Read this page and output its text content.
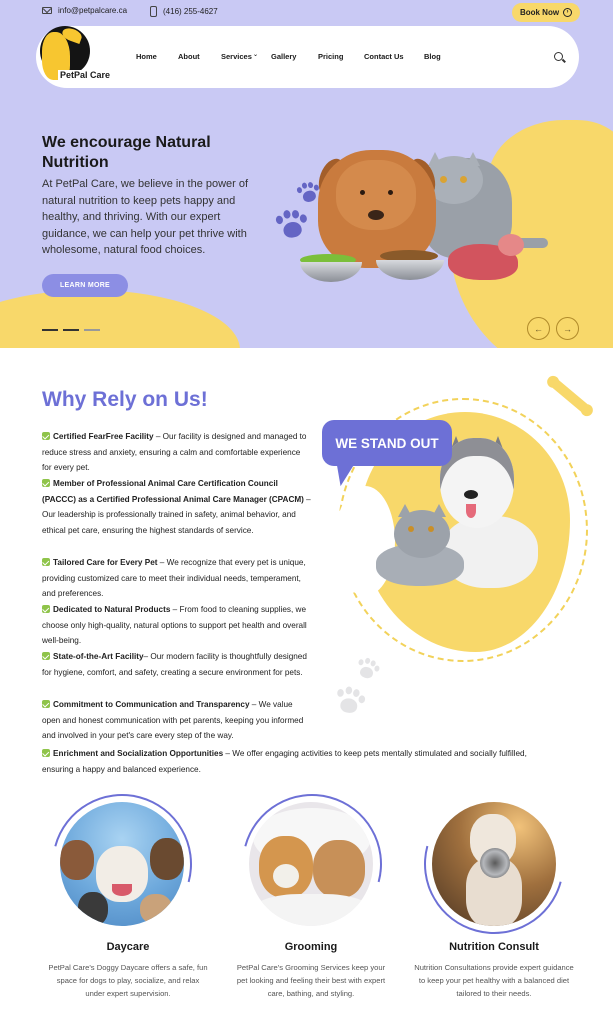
info@petpalcare.ca	(416) 255-4627	Book Now	›
PetPal Care
Home	About	Services ⌄ Gallery	Pricing	Contact Us	Blog
We encourage Natural Nutrition
At PetPal Care, we believe in the power of natural nutrition to keep pets happy and healthy, and thriving. With our expert guidance, we can help your pet thrive with wholesome, natural food choices.
LEARN MORE
←	→
Why Rely on Us!
Certified FearFree Facility – Our facility is designed and managed to reduce stress and anxiety, ensuring a calm and comfortable experience for every pet.
Member of Professional Animal Care Certification Council (PACCC) as a Certified Professional Animal Care Manager (CPACM) – Our leadership is professionally trained in safety, animal behavior, and ethical pet care, ensuring the highest standards of service.
Tailored Care for Every Pet – We recognize that every pet is unique, providing customized care to meet their individual needs, temperament, and preferences.
Dedicated to Natural Products – From food to cleaning supplies, we choose only high-quality, natural options to support pet health and overall well-being.
State-of-the-Art Facility– Our modern facility is thoughtfully designed for hygiene, comfort, and safety, creating a secure environment for pets.
Commitment to Communication and Transparency – We value open and honest communication with pet parents, keeping you informed and involved in your pet's care every step of the way.
Enrichment and Socialization Opportunities – We offer engaging activities to keep pets mentally stimulated and socially fulfilled, ensuring a happy and balanced experience.
WE STAND OUT
Daycare
PetPal Care's Doggy Daycare offers a safe, fun space for dogs to play, socialize, and relax under expert supervision.
Grooming
PetPal Care's Grooming Services keep your pet looking and feeling their best with expert care, bathing, and styling.
Nutrition Consult
Nutrition Consultations provide expert guidance to keep your pet healthy with a balanced diet tailored to their needs.
